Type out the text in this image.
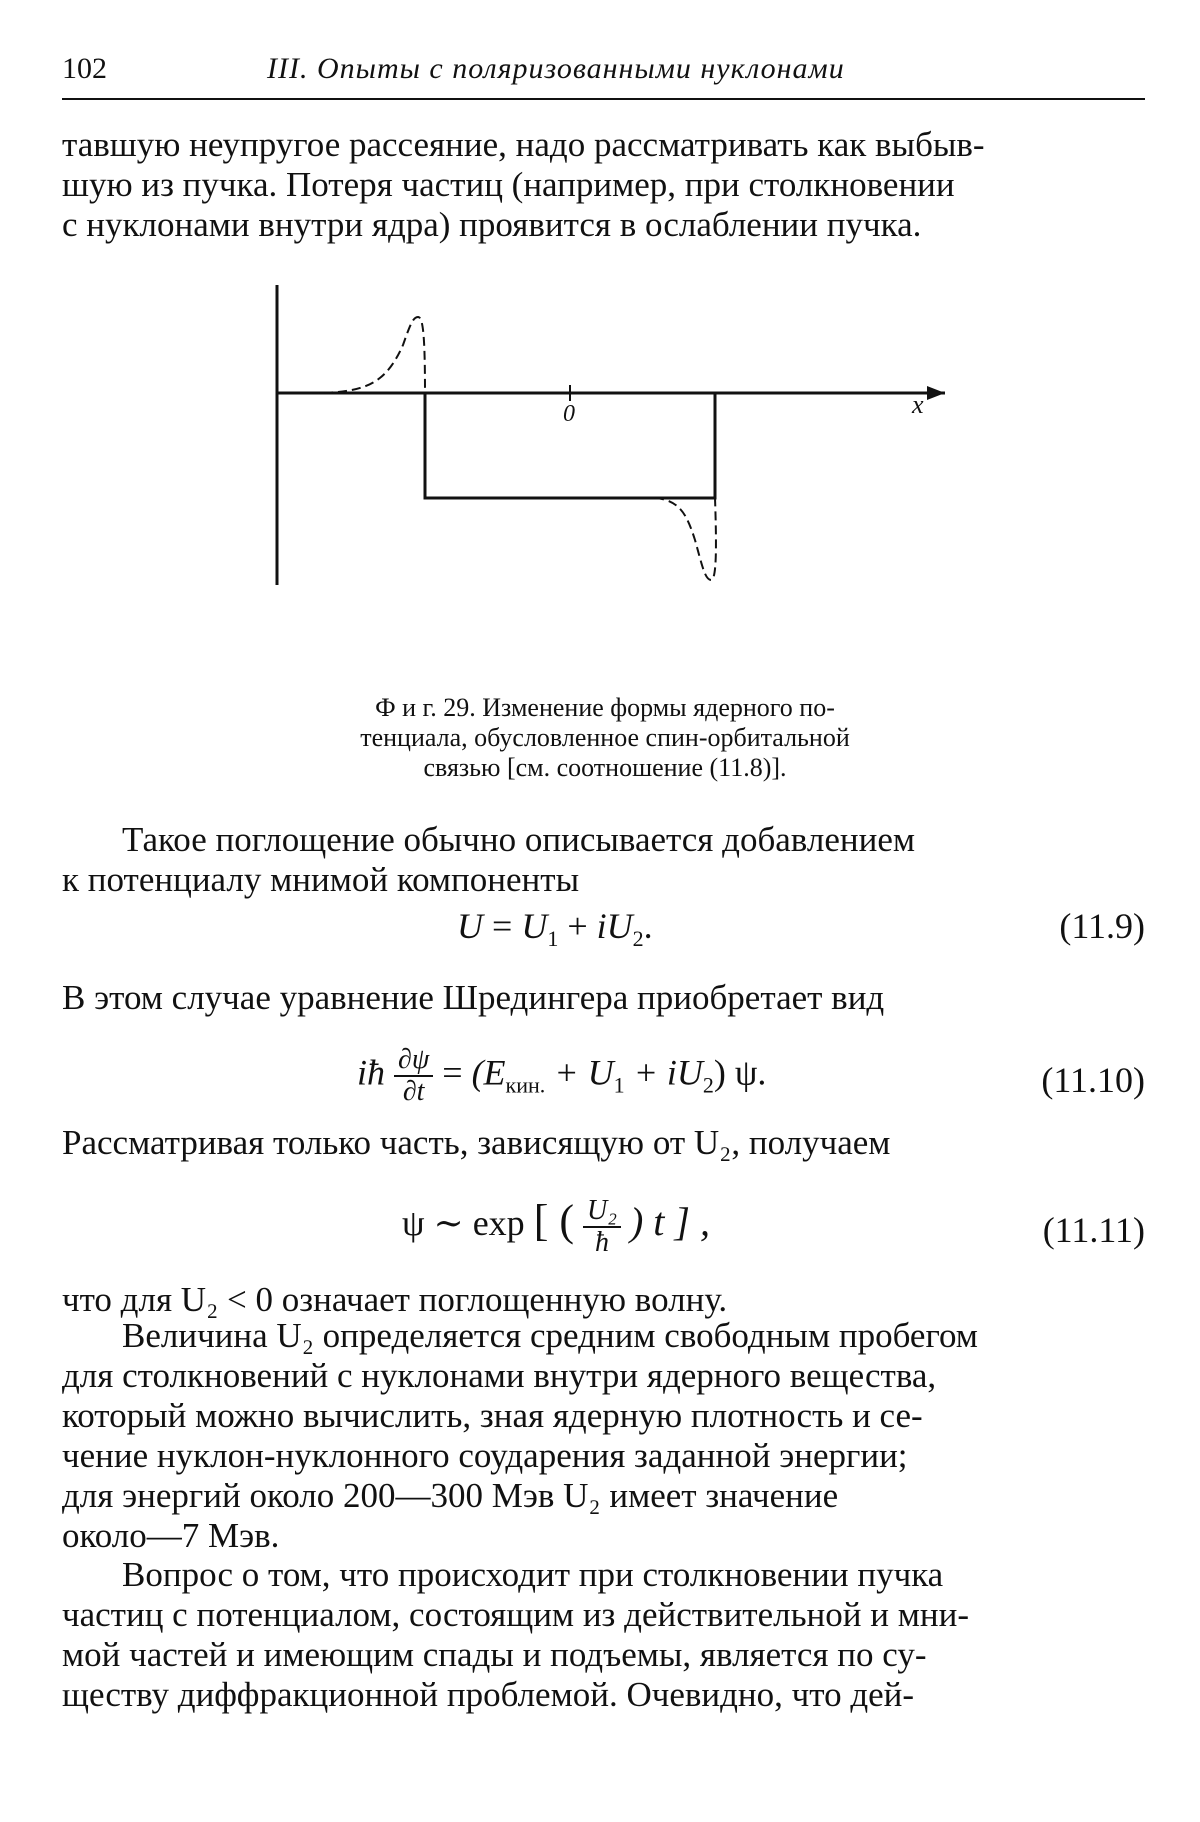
102	III. Опыты с поляризованными нуклонами
тавшую неупругое рассеяние, надо рассматривать как выбыв-
шую из пучка. Потеря частиц (например, при столкновении
с нуклонами внутри ядра) проявится в ослаблении пучка.
0	x
Ф и г. 29. Изменение формы ядерного по-
тенциала, обусловленное спин-орбитальной
связью [см. соотношение (11.8)].
Такое поглощение обычно описывается добавлением
к потенциалу мнимой компоненты
$U = U_1 + iU_2$.	(11.9)
В этом случае уравнение Шредингера приобретает вид
iħ $\frac{\partial\psi}{\partial t} = (E_{кин.} + U_1 + iU_2)$ ψ.	(11.10)
Рассматривая только часть, зависящую от U₂, получаем
ψ ∼ exp [ ( $\frac{\text{U₂}}{ħ}$ ) t ] ,	(11.11)
что для U₂ < 0 означает поглощенную волну.
Величина U₂ определяется средним свободным пробегом
для столкновений с нуклонами внутри ядерного вещества,
который можно вычислить, зная ядерную плотность и се-
чение нуклон-нуклонного соударения заданной энергии;
для энергий около 200—300 Мэв U₂ имеет значение
около—7 Мэв.
Вопрос о том, что происходит при столкновении пучка
частиц с потенциалом, состоящим из действительной и мни-
мой частей и имеющим спады и подъемы, является по су-
ществу диффракционной проблемой. Очевидно, что дей-
